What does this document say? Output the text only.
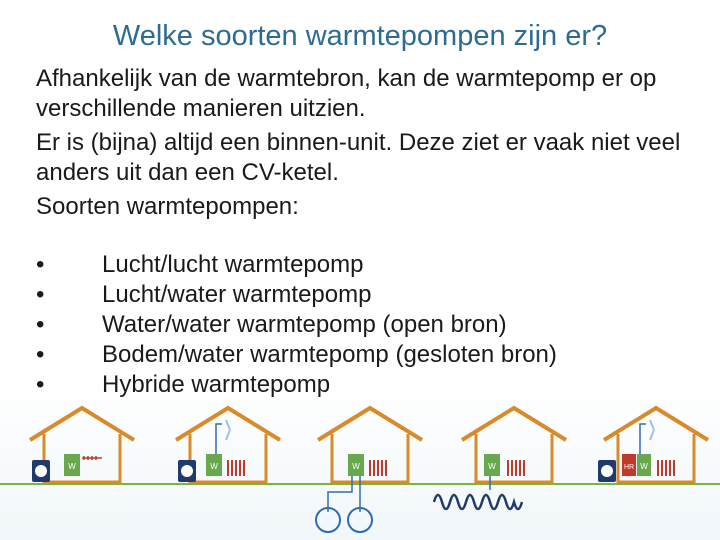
Welke soorten warmtepompen zijn er?

Afhankelijk van de warmtebron, kan de warmtepomp er op verschillende manieren uitzien.

Er is (bijna) altijd een binnen-unit. Deze ziet er vaak niet veel anders uit dan een CV-ketel.

Soorten warmtepompen:

•	Lucht/lucht warmtepomp
•	Lucht/water warmtepomp
•	Water/water warmtepomp (open bron)
•	Bodem/water warmtepomp (gesloten bron)
•	Hybride warmtepomp
W	W	W	W	HR W
